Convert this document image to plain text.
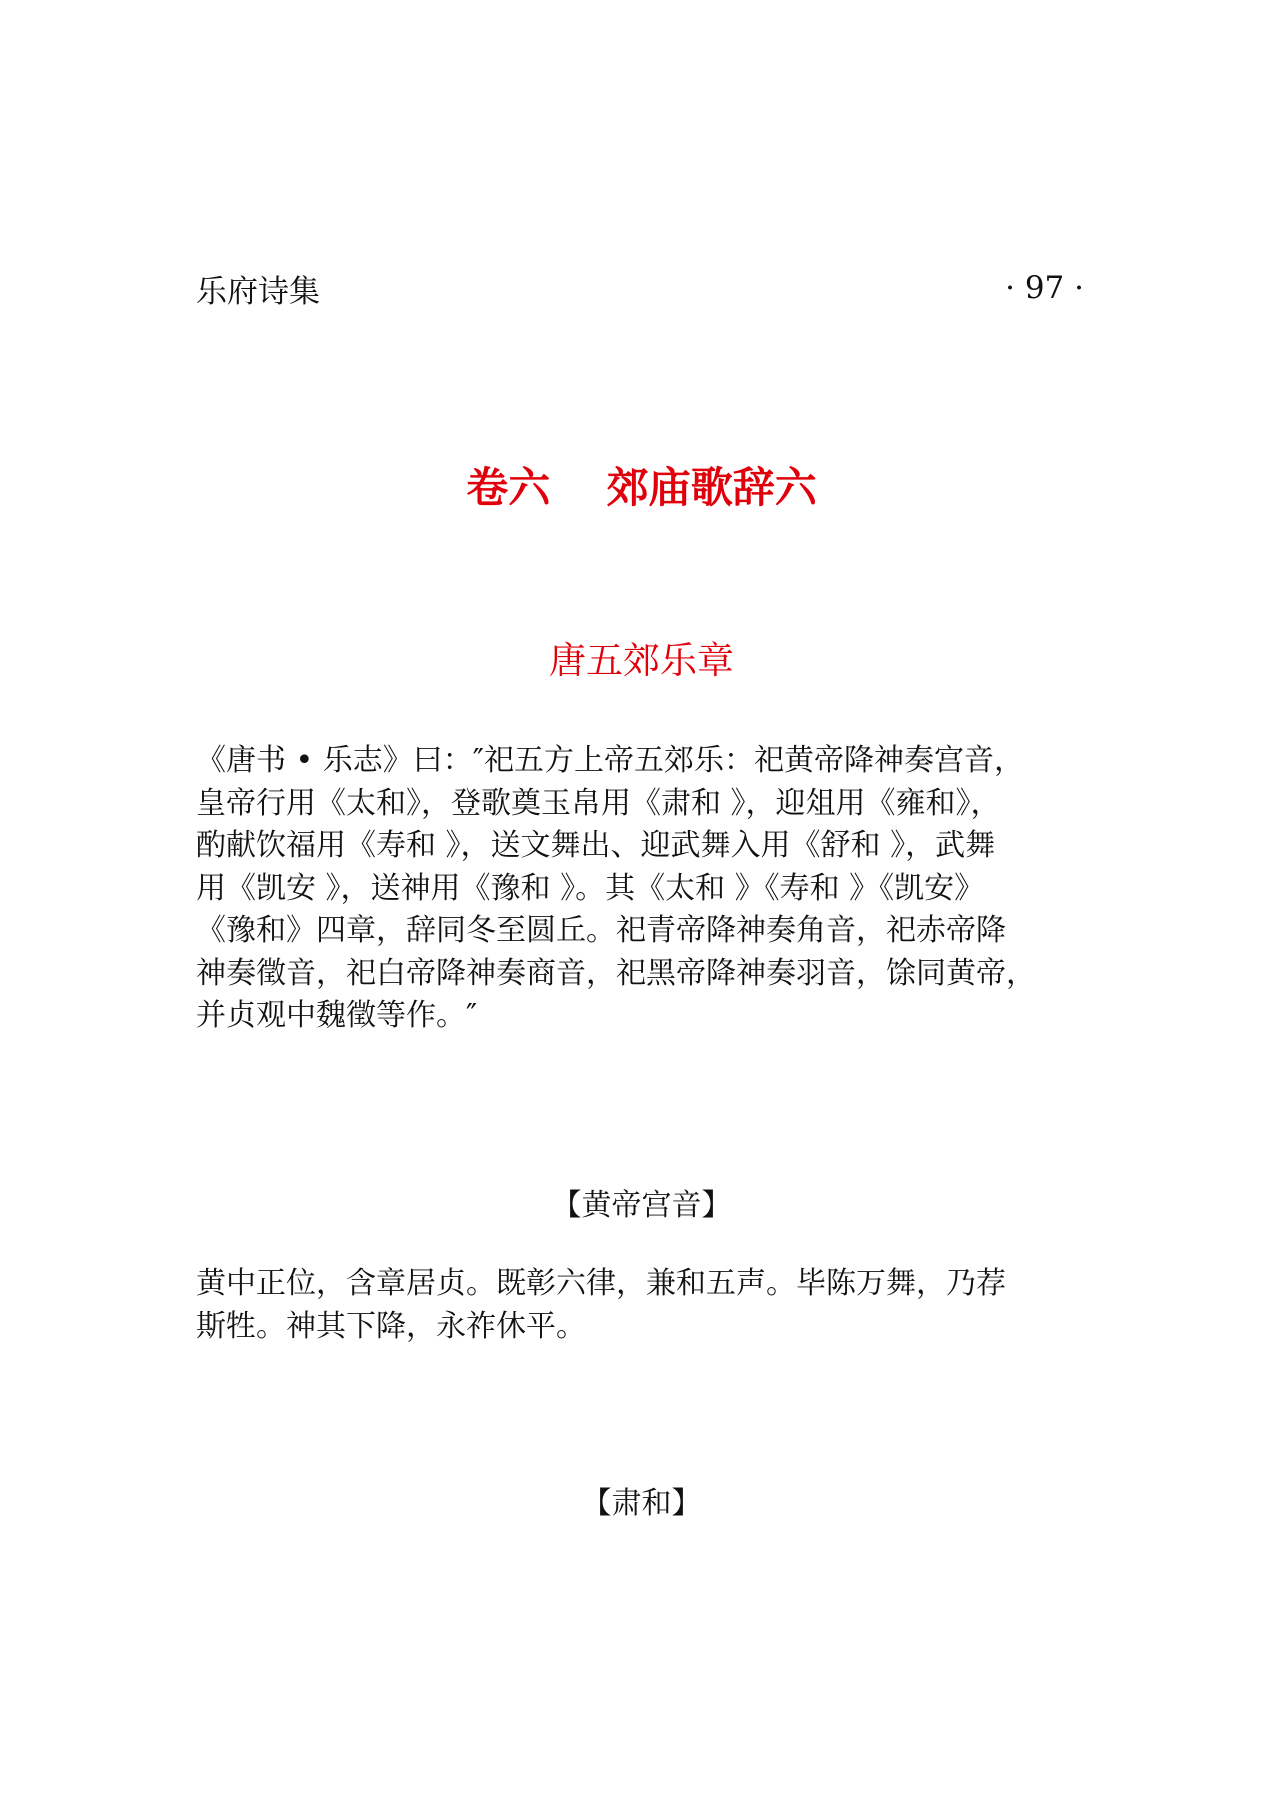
乐府诗集	· 97 ·
卷六　 郊庙歌辞六
唐五郊乐章
《唐书 • 乐志》曰：″祀五方上帝五郊乐：祀黄帝降神奏宫音，
皇帝行用《太和》，登歌奠玉帛用《肃和 》，迎俎用《雍和》，
酌献饮福用《寿和 》，送文舞出、迎武舞入用《舒和 》，武舞
用《凯安 》，送神用《豫和 》。其《太和 》《寿和 》《凯安》
《豫和》四章，辞同冬至圆丘。祀青帝降神奏角音，祀赤帝降
神奏徵音，祀白帝降神奏商音，祀黑帝降神奏羽音，馀同黄帝，
并贞观中魏徵等作。″
【黄帝宫音】
黄中正位，含章居贞。既彰六律，兼和五声。毕陈万舞，乃荐
斯牲。神其下降，永祚休平。
【肃和】
